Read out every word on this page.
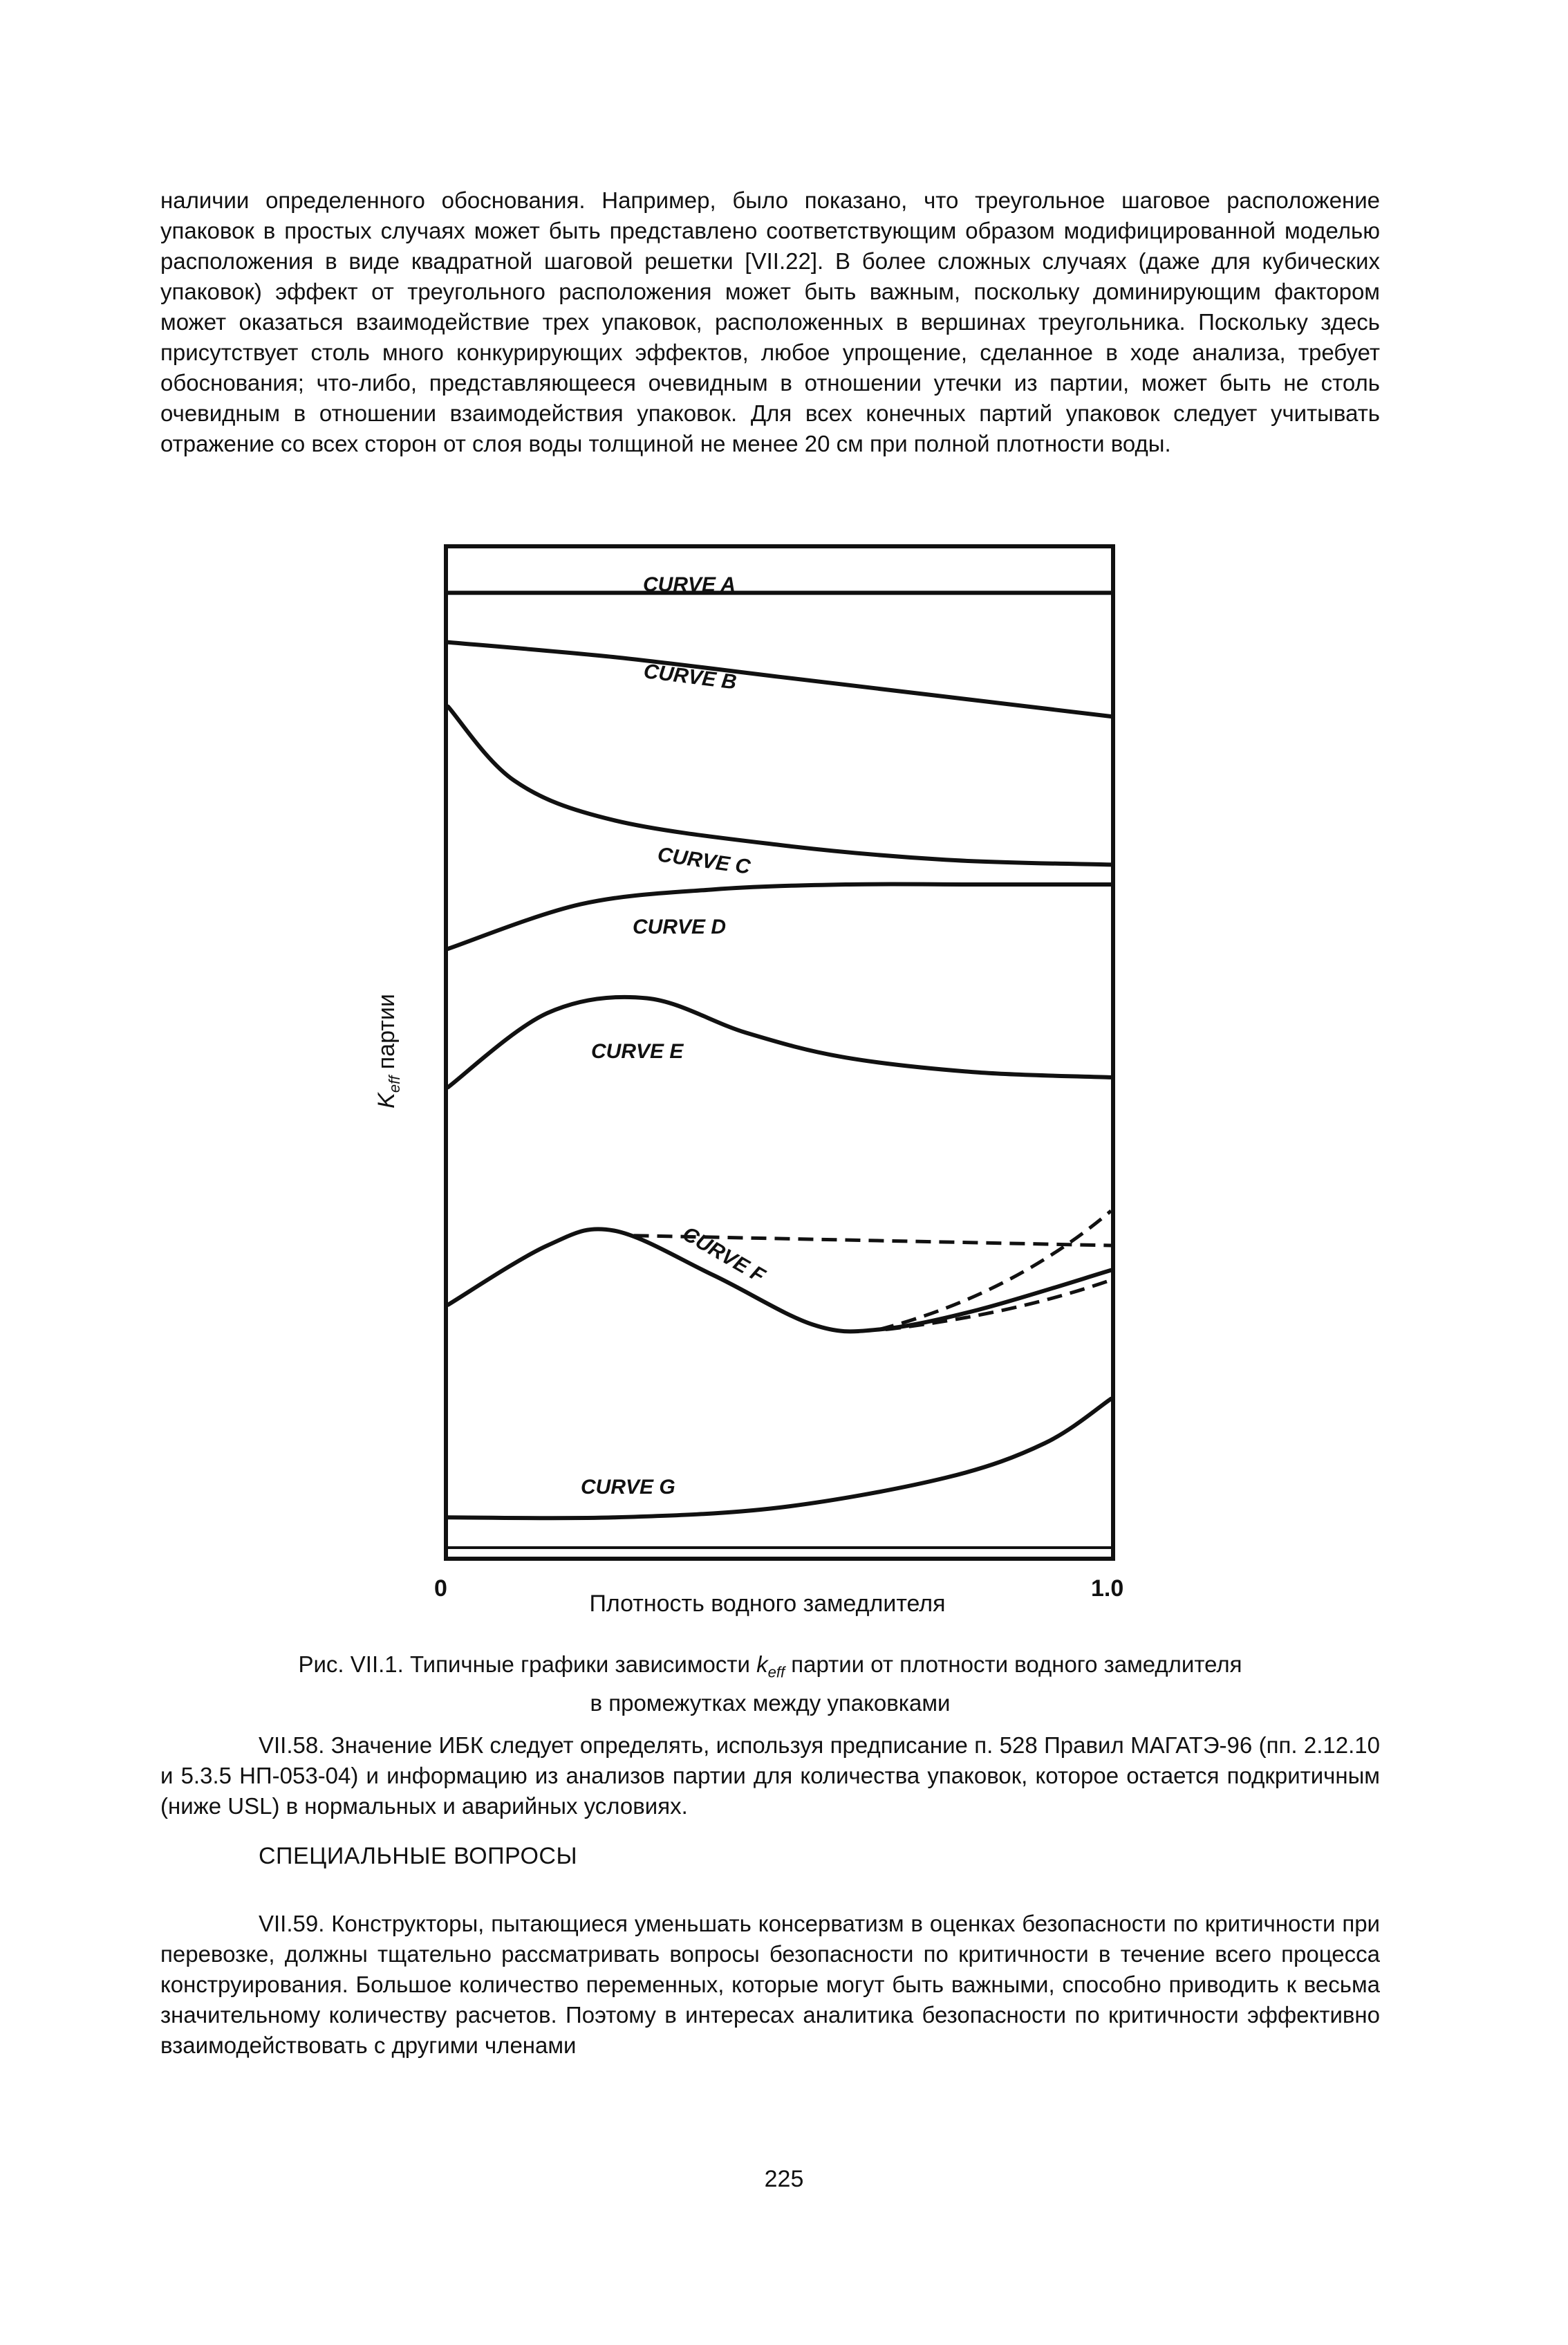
наличии определенного обоснования. Например, было показано, что треугольное шаговое расположение упаковок в простых случаях может быть представлено соответствующим образом модифицированной моделью расположения в виде квадратной шаговой решетки [VII.22]. В более сложных случаях (даже для кубических упаковок) эффект от треугольного расположения может быть важным, поскольку доминирующим фактором может оказаться взаимодействие трех упаковок, расположенных в вершинах треугольника. Поскольку здесь присутствует столь много конкурирующих эффектов, любое упрощение, сделанное в ходе анализа, требует обоснования; что-либо, представляющееся очевидным в отношении утечки из партии, может быть не столь очевидным в отношении взаимодействия упаковок. Для всех конечных партий упаковок следует учитывать отражение со всех сторон от слоя воды толщиной не менее 20 см при полной плотности воды.

CURVE A
CURVE B
CURVE C
CURVE D
CURVE E
CURVE F
CURVE G
$K_{eff}$ партии
0	1.0
Плотность водного замедлителя
Рис. VII.1. Типичные графики зависимости $k_{eff}$ партии от плотности водного замедлителя
в промежутках между упаковками

VII.58. Значение ИБК следует определять, используя предписание п. 528 Правил МАГАТЭ-96 (пп. 2.12.10 и 5.3.5 НП-053-04) и информацию из анализов партии для количества упаковок, которое остается подкритичным (ниже USL) в нормальных и аварийных условиях.

СПЕЦИАЛЬНЫЕ ВОПРОСЫ

VII.59. Конструкторы, пытающиеся уменьшать консерватизм в оценках безопасности по критичности при перевозке, должны тщательно рассматривать вопросы безопасности по критичности в течение всего процесса конструирования. Большое количество переменных, которые могут быть важными, способно приводить к весьма значительному количеству расчетов. Поэтому в интересах аналитика безопасности по критичности эффективно взаимодействовать с другими членами

225
